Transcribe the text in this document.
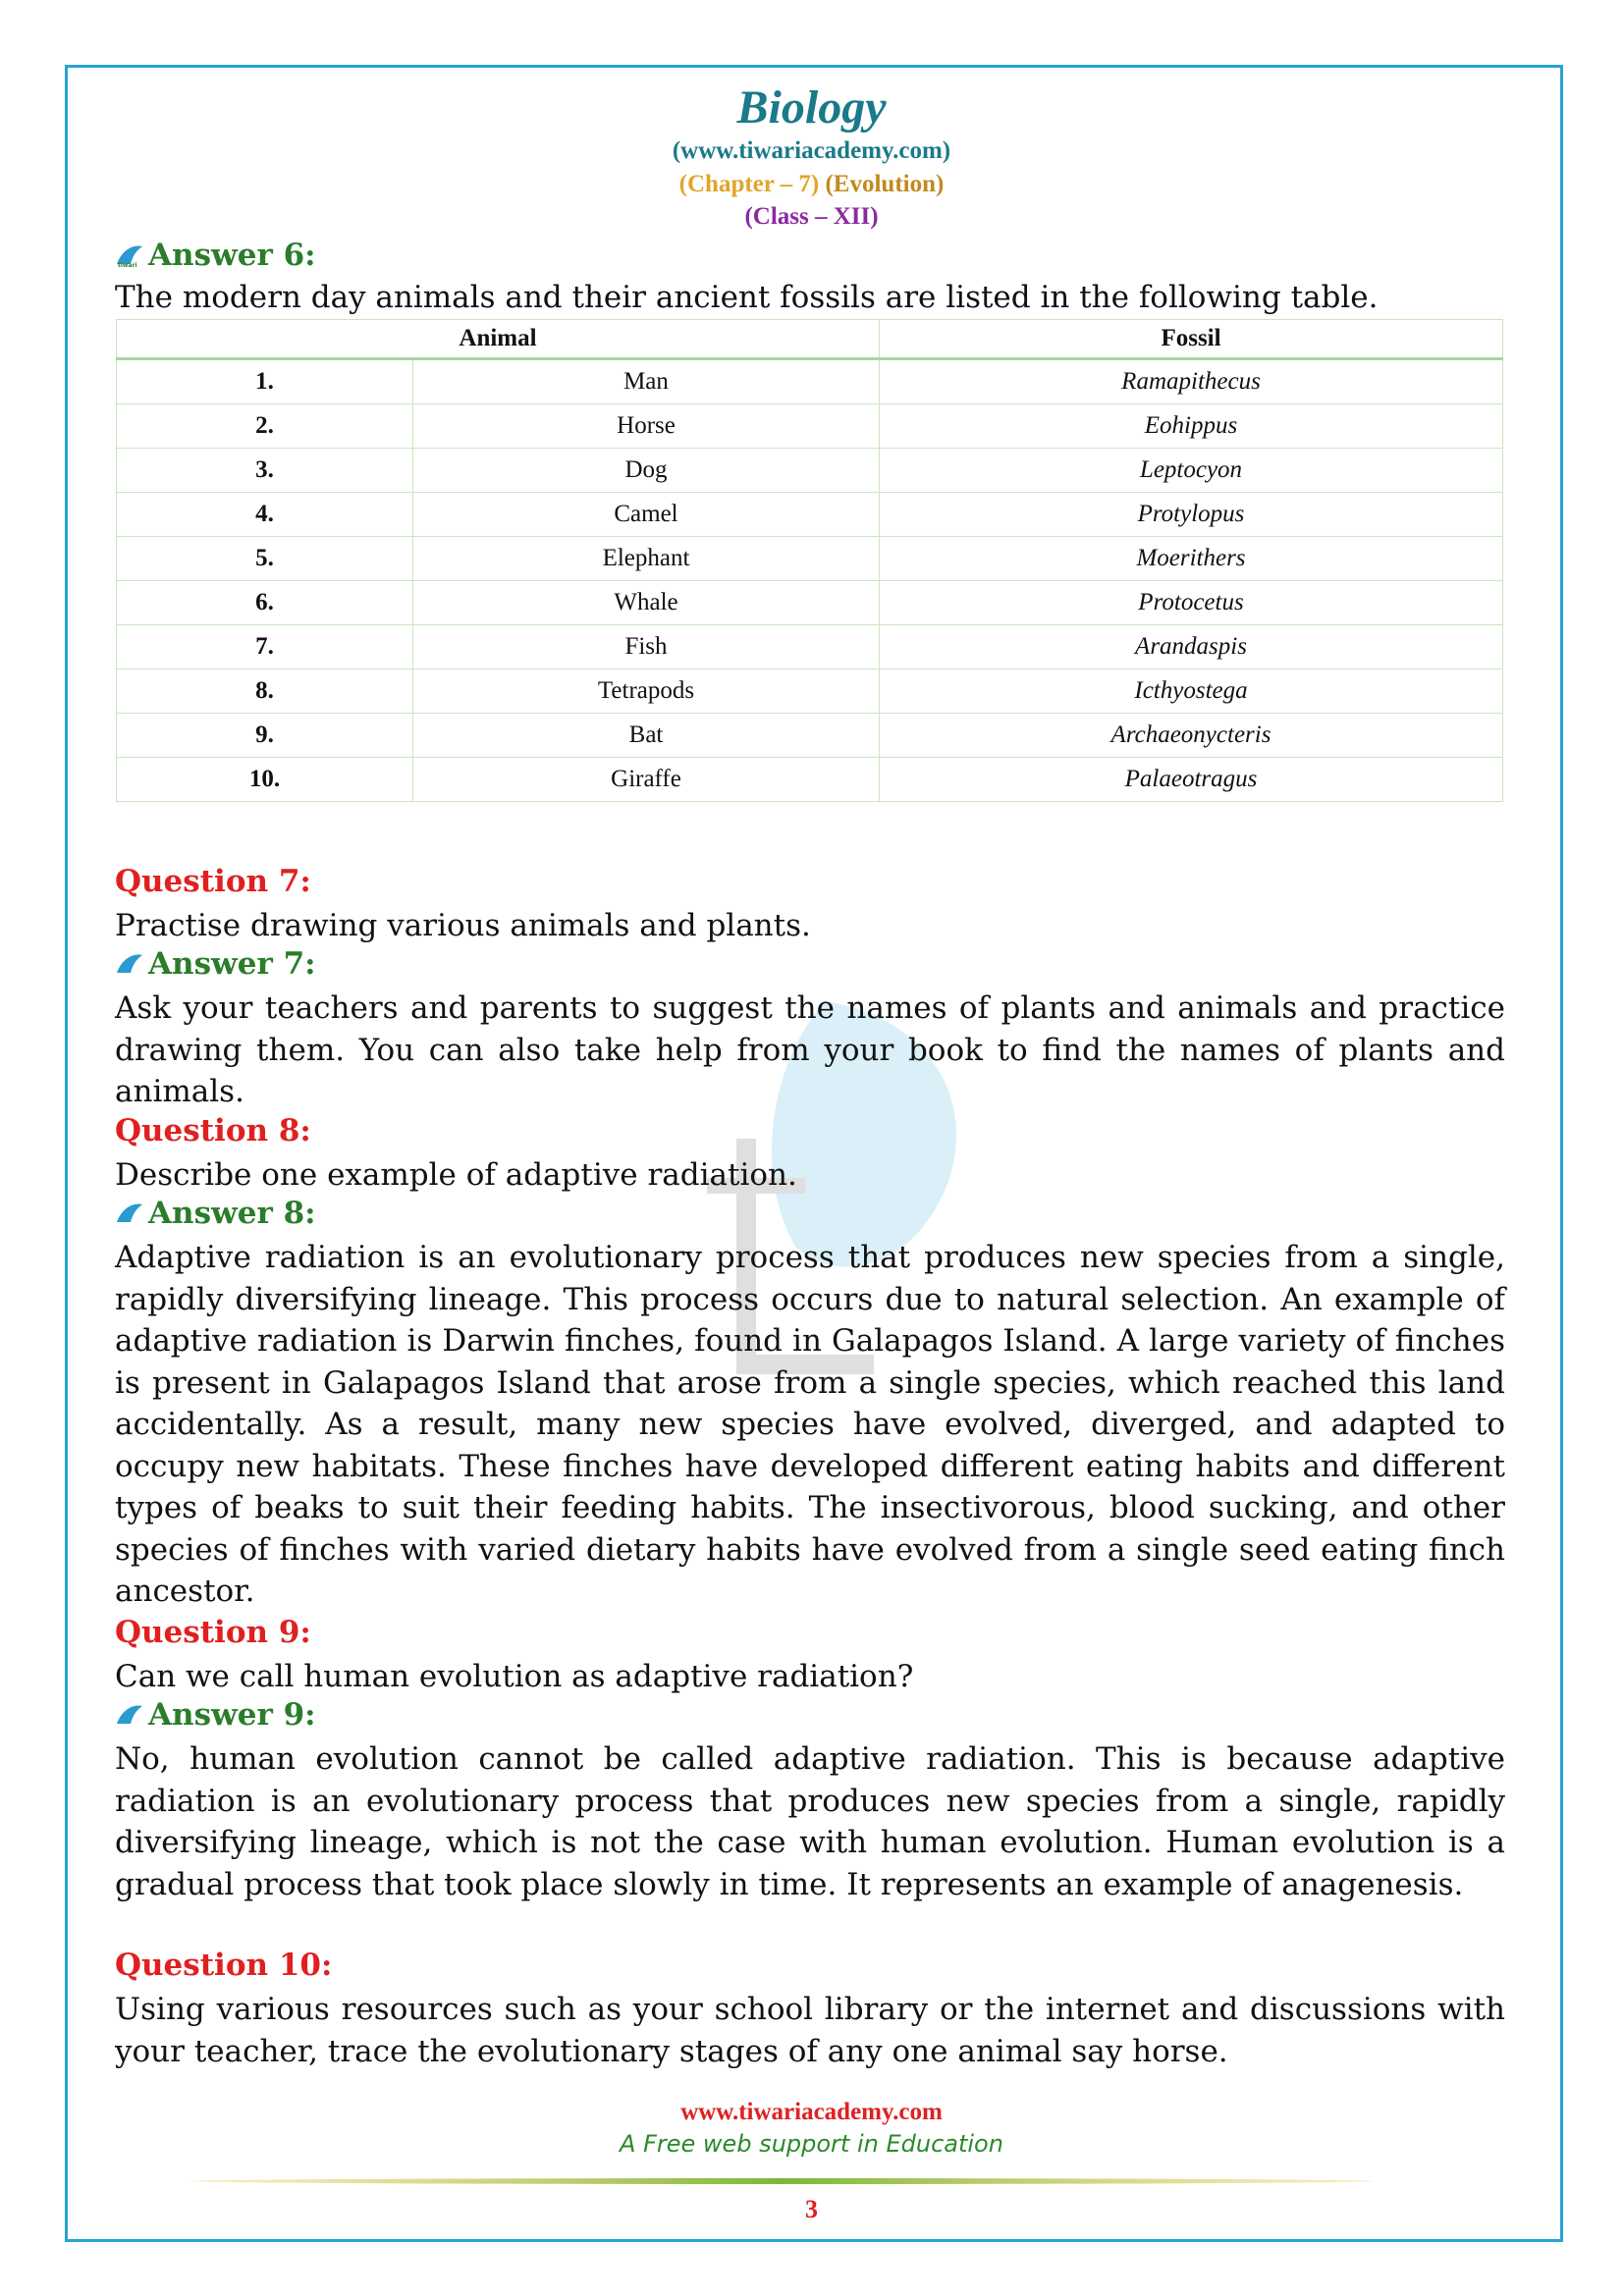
Biology
(www.tiwariacademy.com)
(Chapter – 7) (Evolution)
(Class – XII)
tiwari Answer 6:
The modern day animals and their ancient fossils are listed in the following table.
Animal		Fossil
1.	Man	Ramapithecus
2.	Horse	Eohippus
3.	Dog	Leptocyon
4.	Camel	Protylopus
5.	Elephant	Moerithers
6.	Whale	Protocetus
7.	Fish	Arandaspis
8.	Tetrapods	Icthyostega
9.	Bat	Archaeonycteris
10.	Giraffe	Palaeotragus
Question 7:
Practise drawing various animals and plants.
Answer 7:
Ask your teachers and parents to suggest the names of plants and animals and practice drawing them. You can also take help from your book to find the names of plants and animals.
Question 8:
Describe one example of adaptive radiation.
Answer 8:
Adaptive radiation is an evolutionary process that produces new species from a single, rapidly diversifying lineage. This process occurs due to natural selection. An example of adaptive radiation is Darwin finches, found in Galapagos Island. A large variety of finches is present in Galapagos Island that arose from a single species, which reached this land accidentally. As a result, many new species have evolved, diverged, and adapted to occupy new habitats. These finches have developed different eating habits and different types of beaks to suit their feeding habits. The insectivorous, blood sucking, and other species of finches with varied dietary habits have evolved from a single seed eating finch ancestor.
Question 9:
Can we call human evolution as adaptive radiation?
Answer 9:
No, human evolution cannot be called adaptive radiation. This is because adaptive radiation is an evolutionary process that produces new species from a single, rapidly diversifying lineage, which is not the case with human evolution. Human evolution is a gradual process that took place slowly in time. It represents an example of anagenesis.
Question 10:
Using various resources such as your school library or the internet and discussions with your teacher, trace the evolutionary stages of any one animal say horse.
www.tiwariacademy.com
A Free web support in Education
3
